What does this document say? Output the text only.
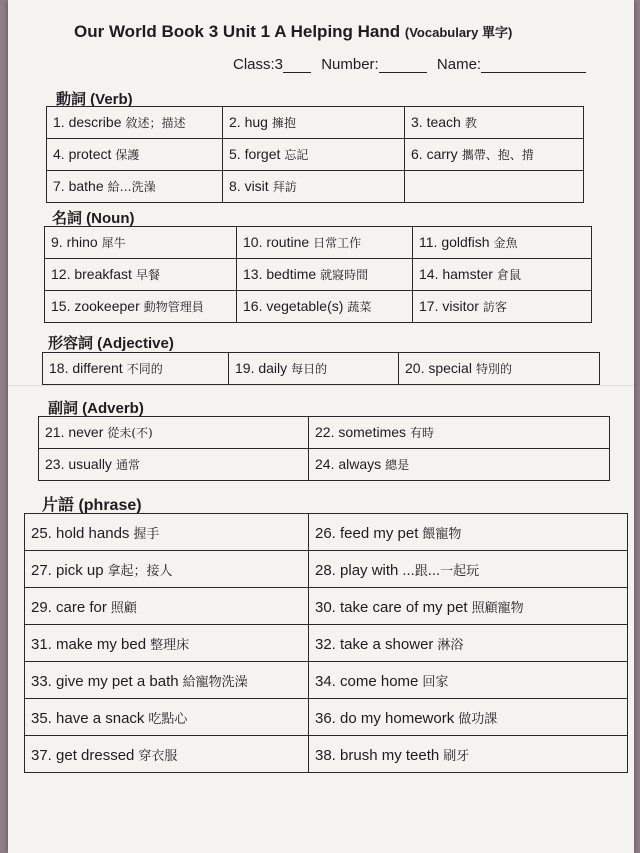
Our World Book 3 Unit 1 A Helping Hand (Vocabulary 單字)
Class:3	Number:	Name:
動詞 (Verb)
1. describe 敘述；描述	2. hug 擁抱	3. teach 教
4. protect 保護	5. forget 忘記	6. carry 攜帶、抱、揹
7. bathe 給…洗澡	8. visit 拜訪	
名詞 (Noun)
9. rhino 犀牛	10. routine 日常工作	11. goldfish 金魚
12. breakfast 早餐	13. bedtime 就寢時間	14. hamster 倉鼠
15. zookeeper 動物管理員	16. vegetable(s) 蔬菜	17. visitor 訪客
形容詞 (Adjective)
18. different 不同的	19. daily 每日的	20. special 特別的
副詞 (Adverb)
21. never 從未(不)	22. sometimes 有時
23. usually 通常	24. always 總是
片語 (phrase)
25. hold hands 握手	26. feed my pet 餵寵物
27. pick up 拿起；接人	28. play with ...跟...一起玩
29. care for 照顧	30. take care of my pet 照顧寵物
31. make my bed 整理床	32. take a shower 淋浴
33. give my pet a bath 給寵物洗澡	34. come home 回家
35. have a snack 吃點心	36. do my homework 做功課
37. get dressed 穿衣服	38. brush my teeth 刷牙
